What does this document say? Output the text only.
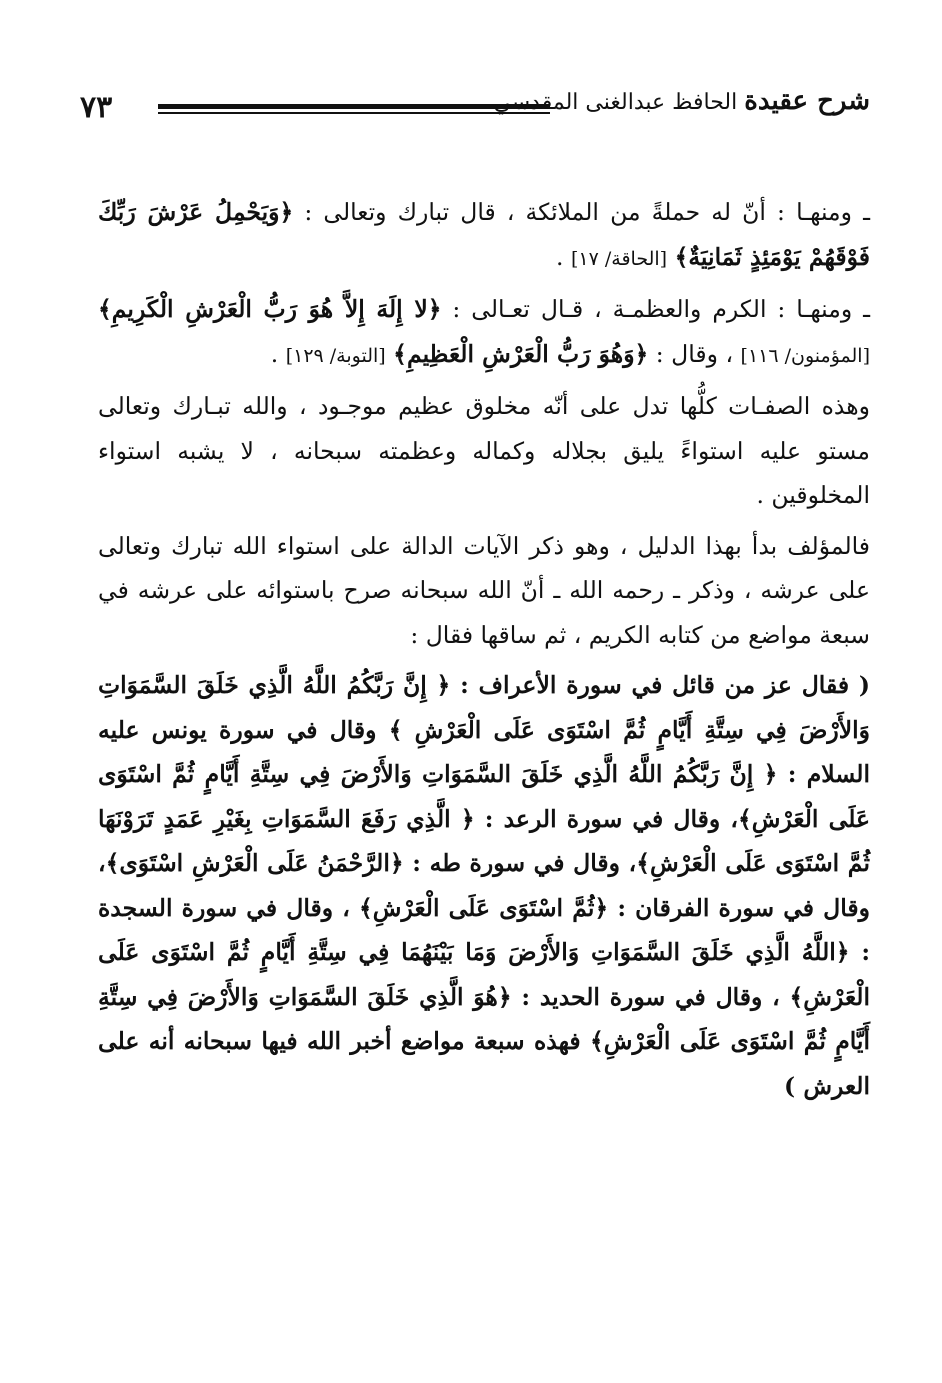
٧٣	شرح عقيدة الحافظ عبدالغنى المقدسي

ـ ومنهـا : أنّ له حملةً من الملائكة ، قال تبارك وتعالى : ﴿وَيَحْمِلُ عَرْشَ رَبِّكَ فَوْقَهُمْ يَوْمَئِذٍ ثَمَانِيَةٌ﴾ [الحاقة/ ١٧] .

ـ ومنهـا : الكرم والعظمـة ، قـال تعـالى : ﴿لا إِلَهَ إِلاَّ هُوَ رَبُّ الْعَرْشِ الْكَرِيمِ﴾ [المؤمنون/ ١١٦] ، وقال : ﴿وَهُوَ رَبُّ الْعَرْشِ الْعَظِيمِ﴾ [التوبة/ ١٢٩] .

وهذه الصفـات كلُّها تدل على أنّه مخلوق عظيم موجـود ، والله تبـارك وتعالى مستو عليه استواءً يليق بجلاله وكماله وعظمته سبحانه ، لا يشبه استواء المخلوقين .

فالمؤلف بدأ بهذا الدليل ، وهو ذكر الآيات الدالة على استواء الله تبارك وتعالى على عرشه ، وذكر ـ رحمه الله ـ أنّ الله سبحانه صرح باستوائه على عرشه في سبعة مواضع من كتابه الكريم ، ثم ساقها فقال :

( فقال عز من قائل في سورة الأعراف : ﴿ إِنَّ رَبَّكُمُ اللَّهُ الَّذِي خَلَقَ السَّمَوَاتِ وَالأَرْضَ فِي سِتَّةِ أَيَّامٍ ثُمَّ اسْتَوَى عَلَى الْعَرْشِ ﴾ وقال في سورة يونس عليه السلام : ﴿ إِنَّ رَبَّكُمُ اللَّهُ الَّذِي خَلَقَ السَّمَوَاتِ وَالأَرْضَ فِي سِتَّةِ أَيَّامٍ ثُمَّ اسْتَوَى عَلَى الْعَرْشِ﴾، وقال في سورة الرعد : ﴿ الَّذِي رَفَعَ السَّمَوَاتِ بِغَيْرِ عَمَدٍ تَرَوْنَهَا ثُمَّ اسْتَوَى عَلَى الْعَرْشِ﴾، وقال في سورة طه : ﴿الرَّحْمَنُ عَلَى الْعَرْشِ اسْتَوَى﴾، وقال في سورة الفرقان : ﴿ثُمَّ اسْتَوَى عَلَى الْعَرْشِ﴾ ، وقال في سورة السجدة : ﴿اللَّهُ الَّذِي خَلَقَ السَّمَوَاتِ وَالأَرْضَ وَمَا بَيْنَهُمَا فِي سِتَّةِ أَيَّامٍ ثُمَّ اسْتَوَى عَلَى الْعَرْشِ﴾ ، وقال في سورة الحديد : ﴿هُوَ الَّذِي خَلَقَ السَّمَوَاتِ وَالأَرْضَ فِي سِتَّةِ أَيَّامٍ ثُمَّ اسْتَوَى عَلَى الْعَرْشِ﴾ فهذه سبعة مواضع أخبر الله فيها سبحانه أنه على العرش )
